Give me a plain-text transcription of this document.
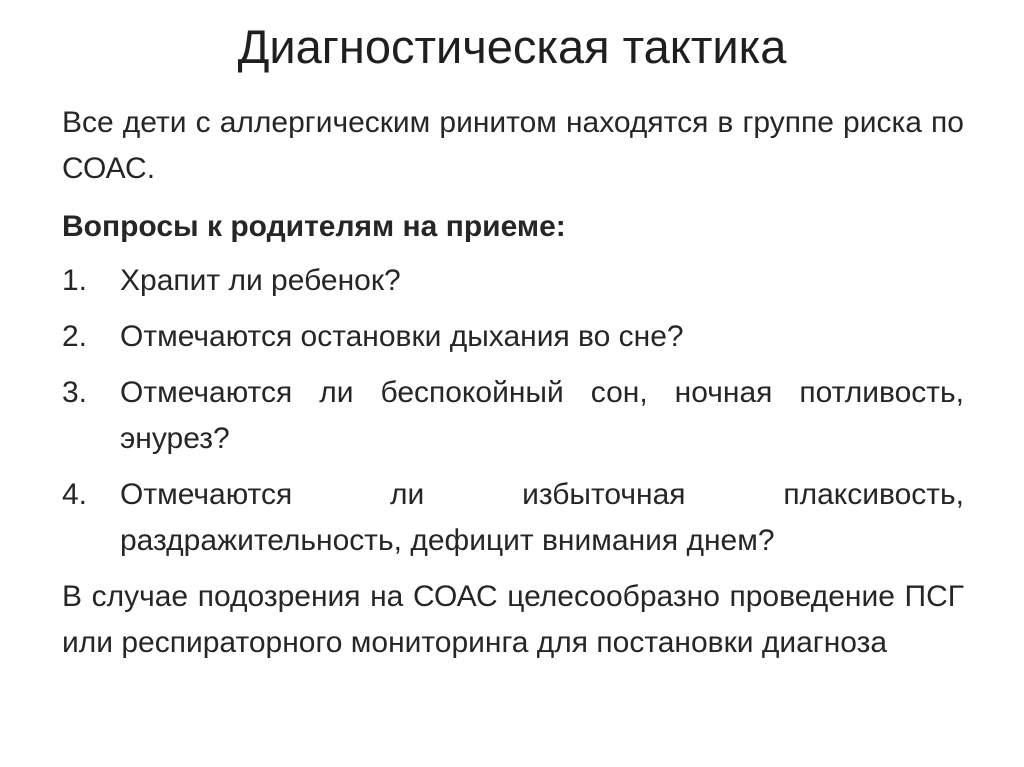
Диагностическая тактика

Все дети с аллергическим ринитом находятся в группе риска по СОАС.

Вопросы к родителям на приеме:

1.	Храпит ли ребенок?
2.	Отмечаются остановки дыхания во сне?
3.	Отмечаются ли беспокойный сон, ночная потливость, энурез?
4.	Отмечаются ли избыточная плаксивость, раздражительность, дефицит внимания днем?

В случае подозрения на СОАС целесообразно проведение ПСГ или респираторного мониторинга для постановки диагноза
